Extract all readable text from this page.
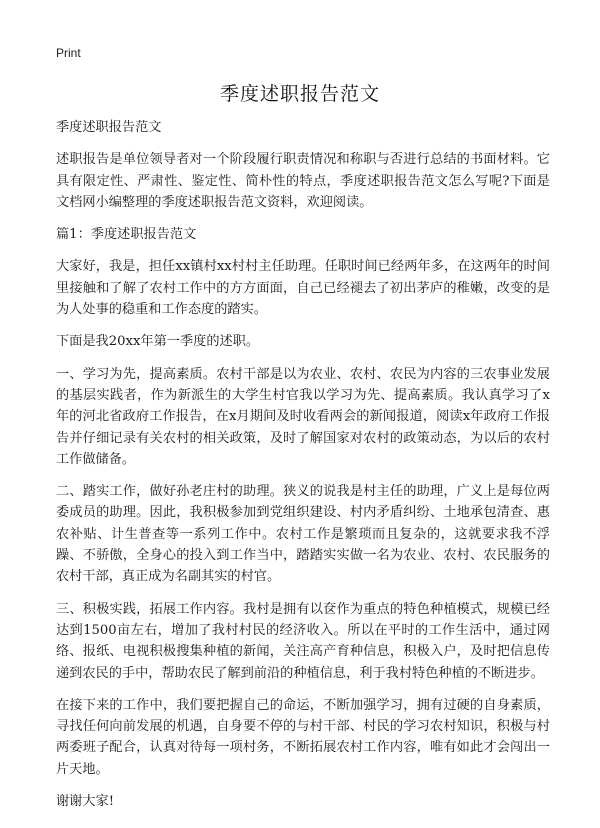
Print
季度述职报告范文

季度述职报告范文

述职报告是单位领导者对一个阶段履行职责情况和称职与否进行总结的书面材料。它具有限定性、严肃性、鉴定性、简朴性的特点，季度述职报告范文怎么写呢?下面是文档网小编整理的季度述职报告范文资料，欢迎阅读。

篇1：季度述职报告范文

大家好，我是，担任xx镇村xx村村主任助理。任职时间已经两年多，在这两年的时间里接触和了解了农村工作中的方方面面，自己已经褪去了初出茅庐的稚嫩，改变的是为人处事的稳重和工作态度的踏实。

下面是我20xx年第一季度的述职。

一、学习为先，提高素质。农村干部是以为农业、农村、农民为内容的三农事业发展的基层实践者，作为新派生的大学生村官我以学习为先、提高素质。我认真学习了x年的河北省政府工作报告，在x月期间及时收看两会的新闻报道，阅读x年政府工作报告并仔细记录有关农村的相关政策，及时了解国家对农村的政策动态，为以后的农村工作做储备。

二、踏实工作，做好孙老庄村的助理。狭义的说我是村主任的助理，广义上是每位两委成员的助理。因此，我积极参加到党组织建设、村内矛盾纠纷、土地承包清查、惠农补贴、计生普查等一系列工作中。农村工作是繁琐而且复杂的，这就要求我不浮躁、不骄傲，全身心的投入到工作当中，踏踏实实做一名为农业、农村、农民服务的农村干部，真正成为名副其实的村官。

三、积极实践，拓展工作内容。我村是拥有以奁作为重点的特色种植模式，规模已经达到1500亩左右，增加了我村村民的经济收入。所以在平时的工作生活中，通过网络、报纸、电视积极搜集种植的新闻，关注高产育种信息，积极入户，及时把信息传递到农民的手中，帮助农民了解到前沿的种植信息，利于我村特色种植的不断进步。

在接下来的工作中，我们要把握自己的命运，不断加强学习，拥有过硬的自身素质，寻找任何向前发展的机遇，自身要不停的与村干部、村民的学习农村知识，积极与村两委班子配合，认真对待每一项村务，不断拓展农村工作内容，唯有如此才会闯出一片天地。

谢谢大家!
